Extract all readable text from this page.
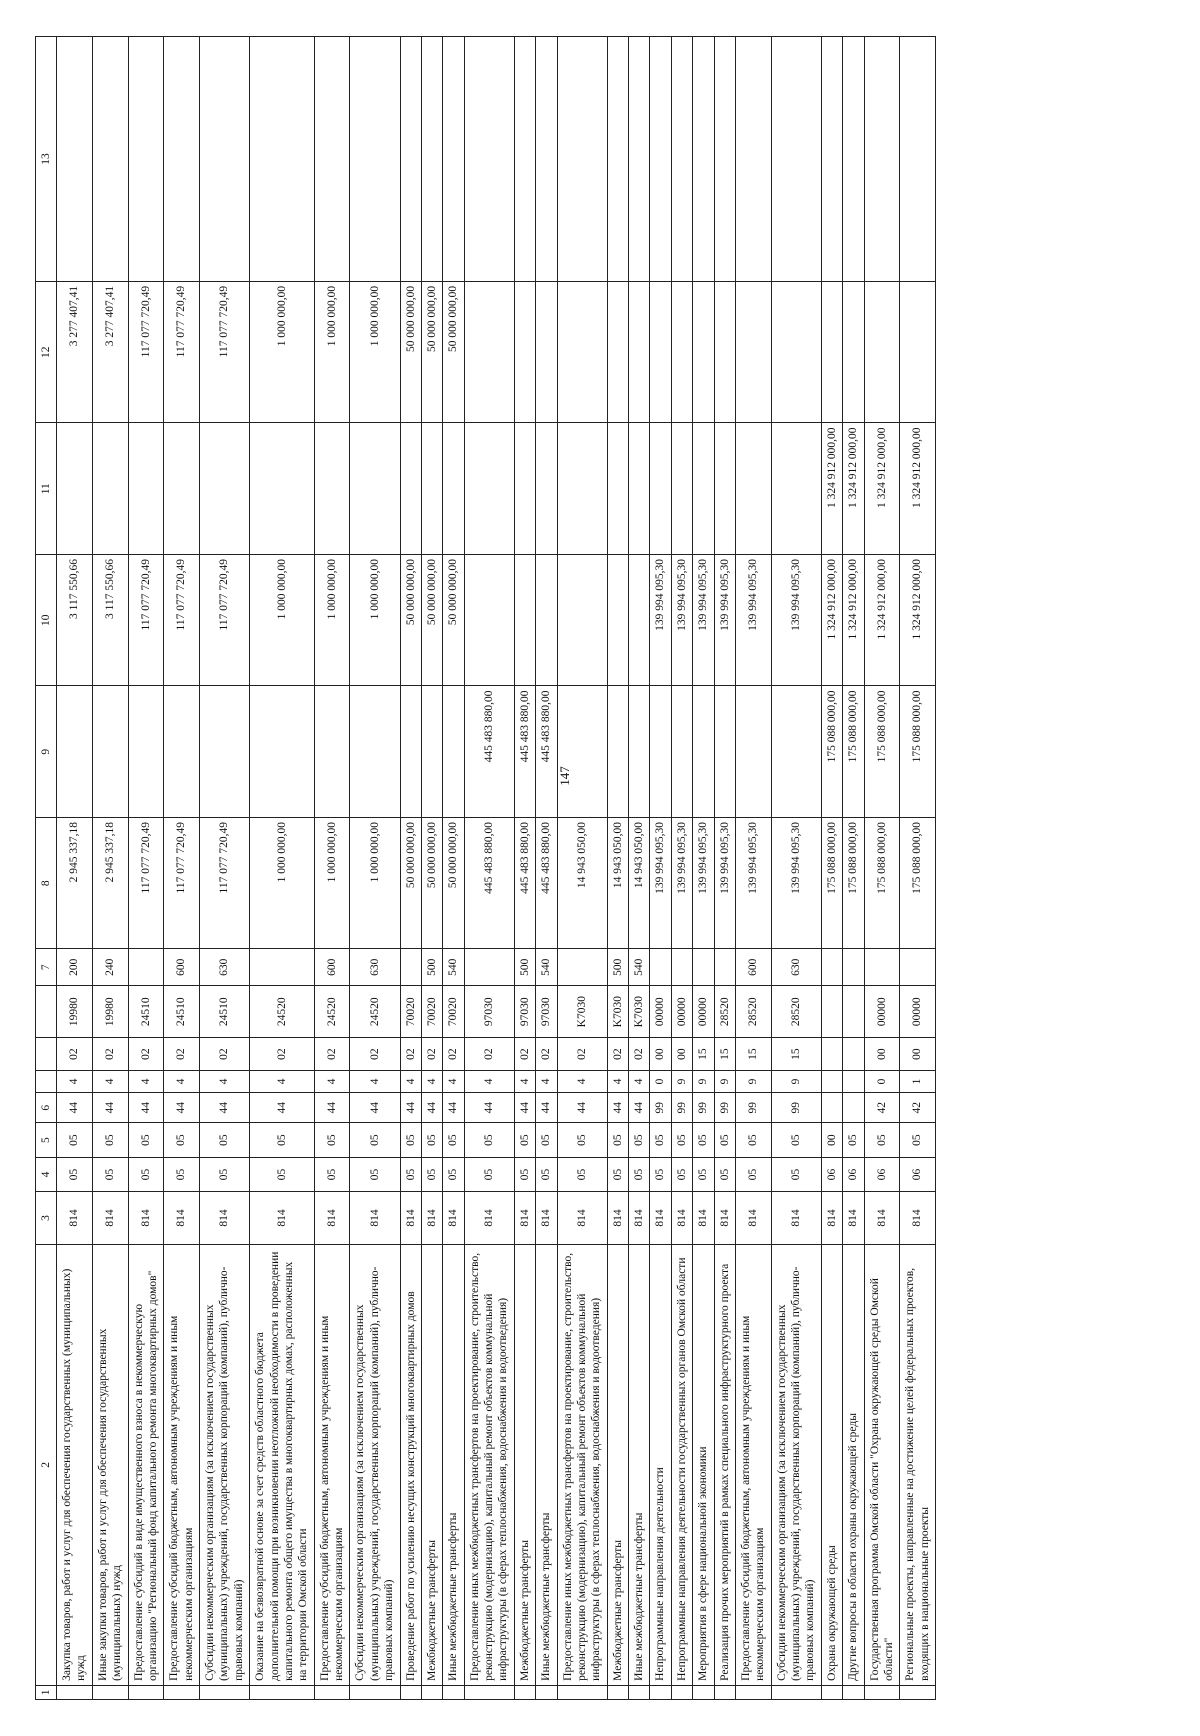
147
1	2	3	4	5	6				7	8	9	10	11	12	13
	Закупка товаров, работ и услуг для обеспечения государственных (муниципальных) нужд	814	05	05	44	4	02	19980	200	2 945 337,18		3 117 550,66		3 277 407,41	
	Иные закупки товаров, работ и услуг для обеспечения государственных (муниципальных) нужд	814	05	05	44	4	02	19980	240	2 945 337,18		3 117 550,66		3 277 407,41	
	Предоставление субсидий в виде имущественного взноса в некоммерческую организацию "Региональный фонд капитального ремонта многоквартирных домов"	814	05	05	44	4	02	24510		117 077 720,49		117 077 720,49		117 077 720,49	
	Предоставление субсидий бюджетным, автономным учреждениям и иным некоммерческим организациям	814	05	05	44	4	02	24510	600	117 077 720,49		117 077 720,49		117 077 720,49	
	Субсидии некоммерческим организациям (за исключением государственных (муниципальных) учреждений, государственных корпораций (компаний), публично-правовых компаний)	814	05	05	44	4	02	24510	630	117 077 720,49		117 077 720,49		117 077 720,49	
	Оказание на безвозвратной основе за счет средств областного бюджета дополнительной помощи при возникновении неотложной необходимости в проведении капитального ремонта общего имущества в многоквартирных домах, расположенных на территории Омской области	814	05	05	44	4	02	24520		1 000 000,00		1 000 000,00		1 000 000,00	
	Предоставление субсидий бюджетным, автономным учреждениям и иным некоммерческим организациям	814	05	05	44	4	02	24520	600	1 000 000,00		1 000 000,00		1 000 000,00	
	Субсидии некоммерческим организациям (за исключением государственных (муниципальных) учреждений, государственных корпораций (компаний), публично-правовых компаний)	814	05	05	44	4	02	24520	630	1 000 000,00		1 000 000,00		1 000 000,00	
	Проведение работ по усилению несущих конструкций многоквартирных домов	814	05	05	44	4	02	70020		50 000 000,00		50 000 000,00		50 000 000,00	
	Межбюджетные трансферты	814	05	05	44	4	02	70020	500	50 000 000,00		50 000 000,00		50 000 000,00	
	Иные межбюджетные трансферты	814	05	05	44	4	02	70020	540	50 000 000,00		50 000 000,00		50 000 000,00	
	Предоставление иных межбюджетных трансфертов на проектирование, строительство, реконструкцию (модернизацию), капитальный ремонт объектов коммунальной инфраструктуры (в сферах теплоснабжения, водоснабжения и водоотведения)	814	05	05	44	4	02	97030		445 483 880,00	445 483 880,00				
	Межбюджетные трансферты	814	05	05	44	4	02	97030	500	445 483 880,00	445 483 880,00				
	Иные межбюджетные трансферты	814	05	05	44	4	02	97030	540	445 483 880,00	445 483 880,00				
	Предоставление иных межбюджетных трансфертов на проектирование, строительство, реконструкцию (модернизацию), капитальный ремонт объектов коммунальной инфраструктуры (в сферах теплоснабжения, водоснабжения и водоотведения)	814	05	05	44	4	02	K7030		14 943 050,00					
	Межбюджетные трансферты	814	05	05	44	4	02	K7030	500	14 943 050,00					
	Иные межбюджетные трансферты	814	05	05	44	4	02	K7030	540	14 943 050,00					
	Непрограммные направления деятельности	814	05	05	99	0	00	00000		139 994 095,30		139 994 095,30			
	Непрограммные направления деятельности государственных органов Омской области	814	05	05	99	9	00	00000		139 994 095,30		139 994 095,30			
	Мероприятия в сфере национальной экономики	814	05	05	99	9	15	00000		139 994 095,30		139 994 095,30			
	Реализация прочих мероприятий в рамках специального инфраструктурного проекта	814	05	05	99	9	15	28520		139 994 095,30		139 994 095,30			
	Предоставление субсидий бюджетным, автономным учреждениям и иным некоммерческим организациям	814	05	05	99	9	15	28520	600	139 994 095,30		139 994 095,30			
	Субсидии некоммерческим организациям (за исключением государственных (муниципальных) учреждений, государственных корпораций (компаний), публично-правовых компаний)	814	05	05	99	9	15	28520	630	139 994 095,30		139 994 095,30			
	Охрана окружающей среды	814	06	00						175 088 000,00	175 088 000,00	1 324 912 000,00	1 324 912 000,00		
	Другие вопросы в области охраны окружающей среды	814	06	05						175 088 000,00	175 088 000,00	1 324 912 000,00	1 324 912 000,00		
	Государственная программа Омской области "Охрана окружающей среды Омской области"	814	06	05	42	0	00	00000		175 088 000,00	175 088 000,00	1 324 912 000,00	1 324 912 000,00		
	Региональные проекты, направленные на достижение целей федеральных проектов, входящих в национальные проекты	814	06	05	42	1	00	00000		175 088 000,00	175 088 000,00	1 324 912 000,00	1 324 912 000,00		
